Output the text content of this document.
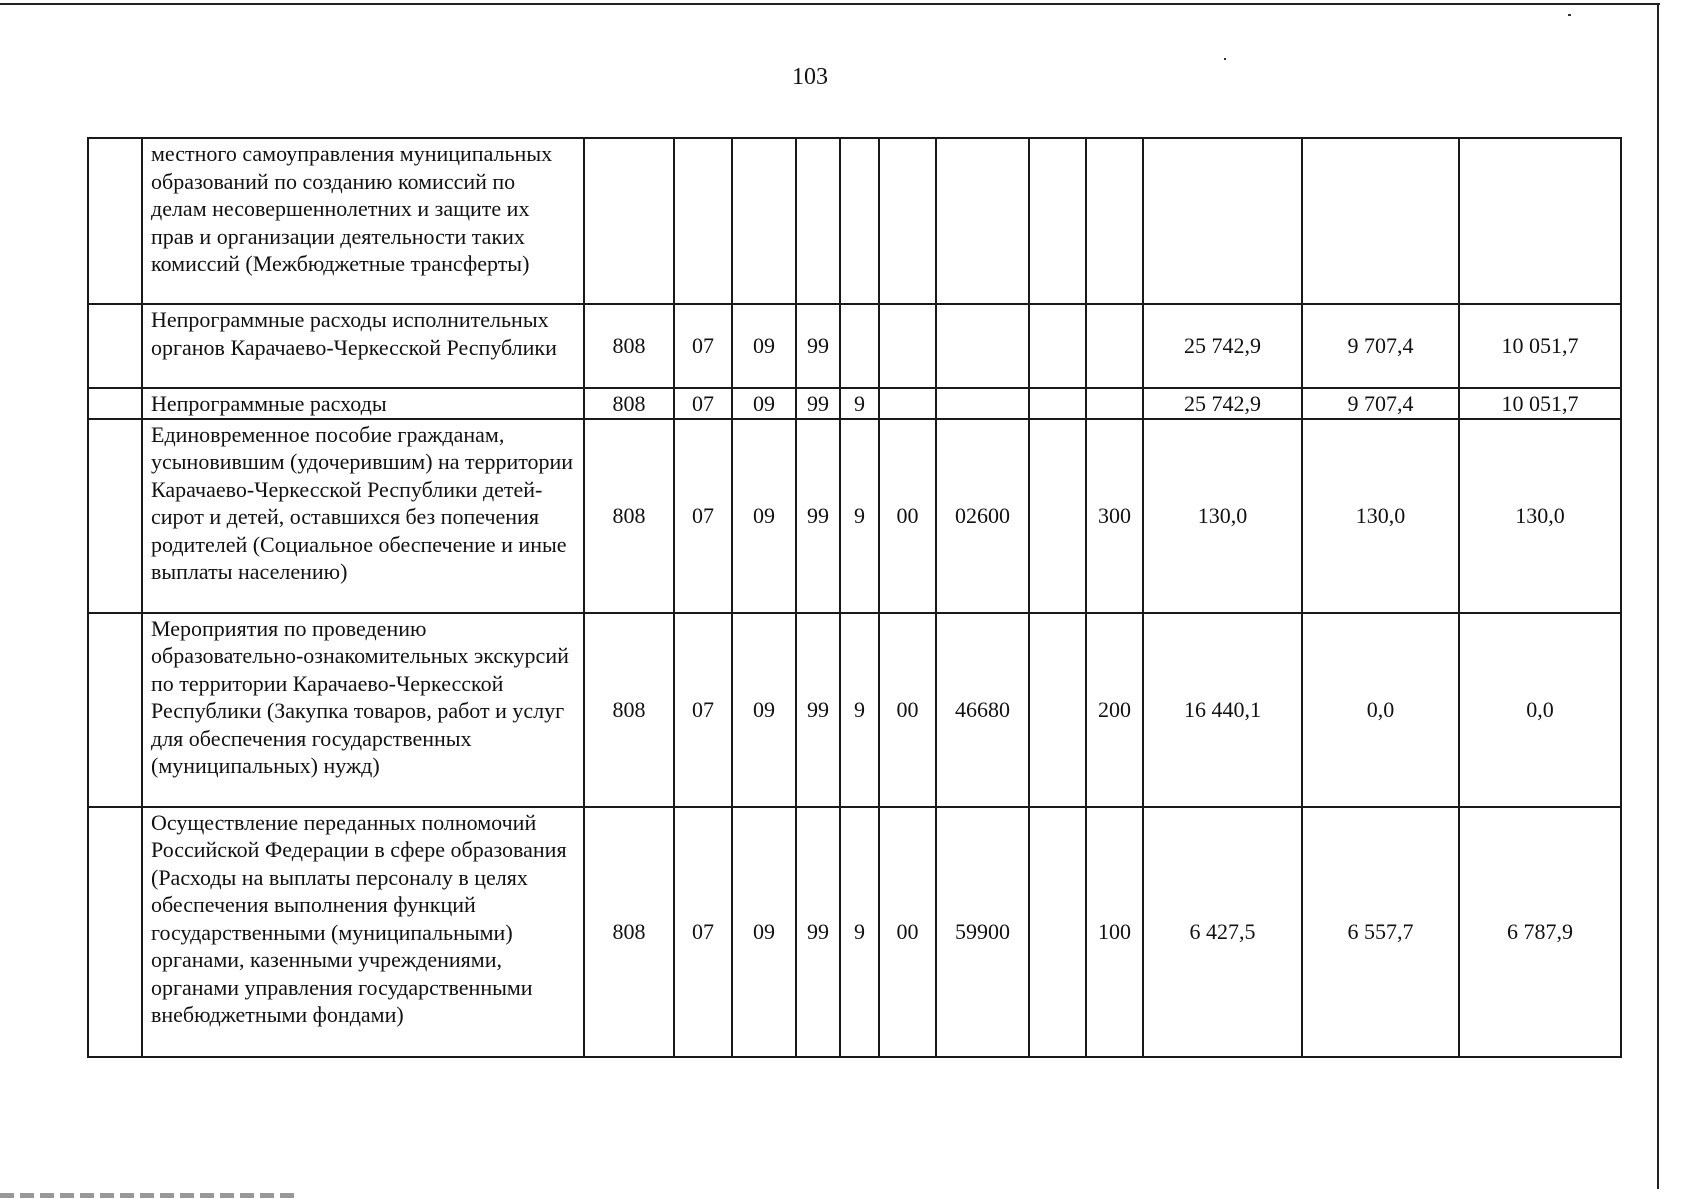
103
	местного самоуправления муниципальных образований по созданию комиссий по делам несовершеннолетних и защите их прав и организации деятельности таких комиссий (Межбюджетные трансферты)												
	Непрограммные расходы исполнительных органов Карачаево-Черкесской Республики	808	07	09	99						25 742,9	9 707,4	10 051,7
	Непрограммные расходы	808	07	09	99	9					25 742,9	9 707,4	10 051,7
	Единовременное пособие гражданам, усыновившим (удочерившим) на территории Карачаево-Черкесской Республики детей-сирот и детей, оставшихся без попечения родителей (Социальное обеспечение и иные выплаты населению)	808	07	09	99	9	00	02600		300	130,0	130,0	130,0
	Мероприятия по проведению образовательно-ознакомительных экскурсий по территории Карачаево-Черкесской Республики (Закупка товаров, работ и услуг для обеспечения государственных (муниципальных) нужд)	808	07	09	99	9	00	46680		200	16 440,1	0,0	0,0
	Осуществление переданных полномочий Российской Федерации в сфере образования (Расходы на выплаты персоналу в целях обеспечения выполнения функций государственными (муниципальными) органами, казенными учреждениями, органами управления государственными внебюджетными фондами)	808	07	09	99	9	00	59900		100	6 427,5	6 557,7	6 787,9
